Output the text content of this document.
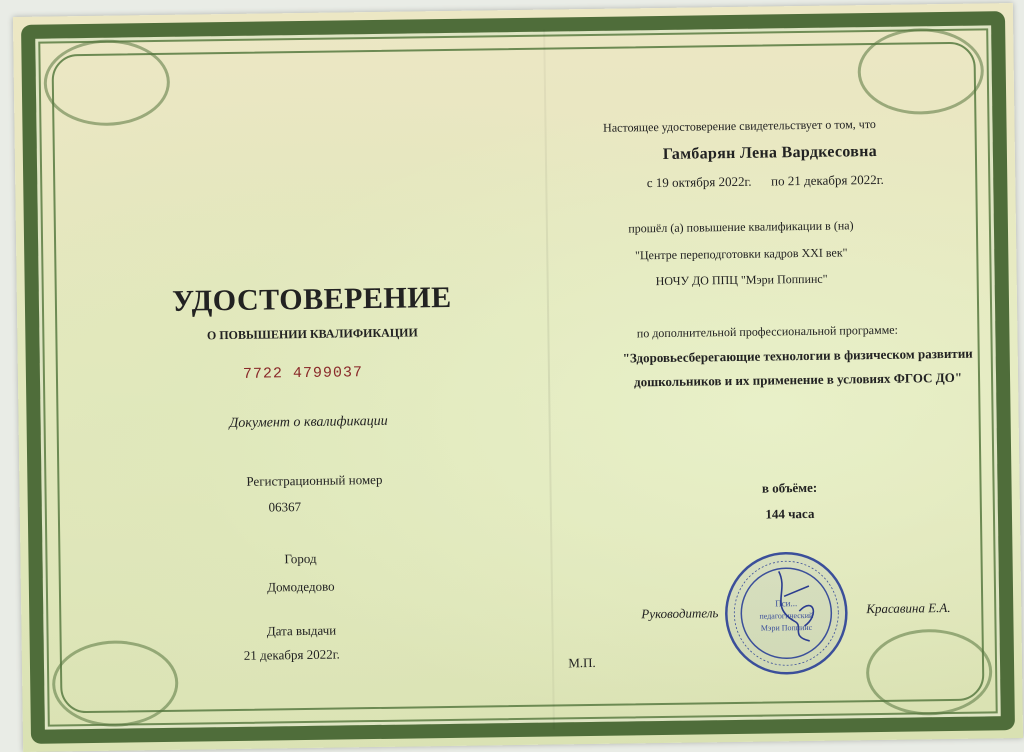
УДОСТОВЕРЕНИЕ
О ПОВЫШЕНИИ КВАЛИФИКАЦИИ
7722 4799037
Документ о квалификации
Регистрационный номер
06367
Город
Домодедово
Дата выдачи
21 декабря 2022г.	М.П.
Настоящее удостоверение свидетельствует о том, что
Гамбарян Лена Вардкесовна
с 19 октября 2022г.      по 21 декабря 2022г.
прошёл (а) повышение квалификации в (на)
"Центре переподготовки кадров XXI век"
НОЧУ ДО ППЦ "Мэри Поппинс"
по дополнительной профессиональной программе:
"Здоровьесберегающие технологии в физическом развитии
дошкольников и их применение в условиях ФГОС ДО"
в объёме:
144 часа
Пси...
педагогический
Мэри Поппинс
Руководитель	Красавина Е.А.
